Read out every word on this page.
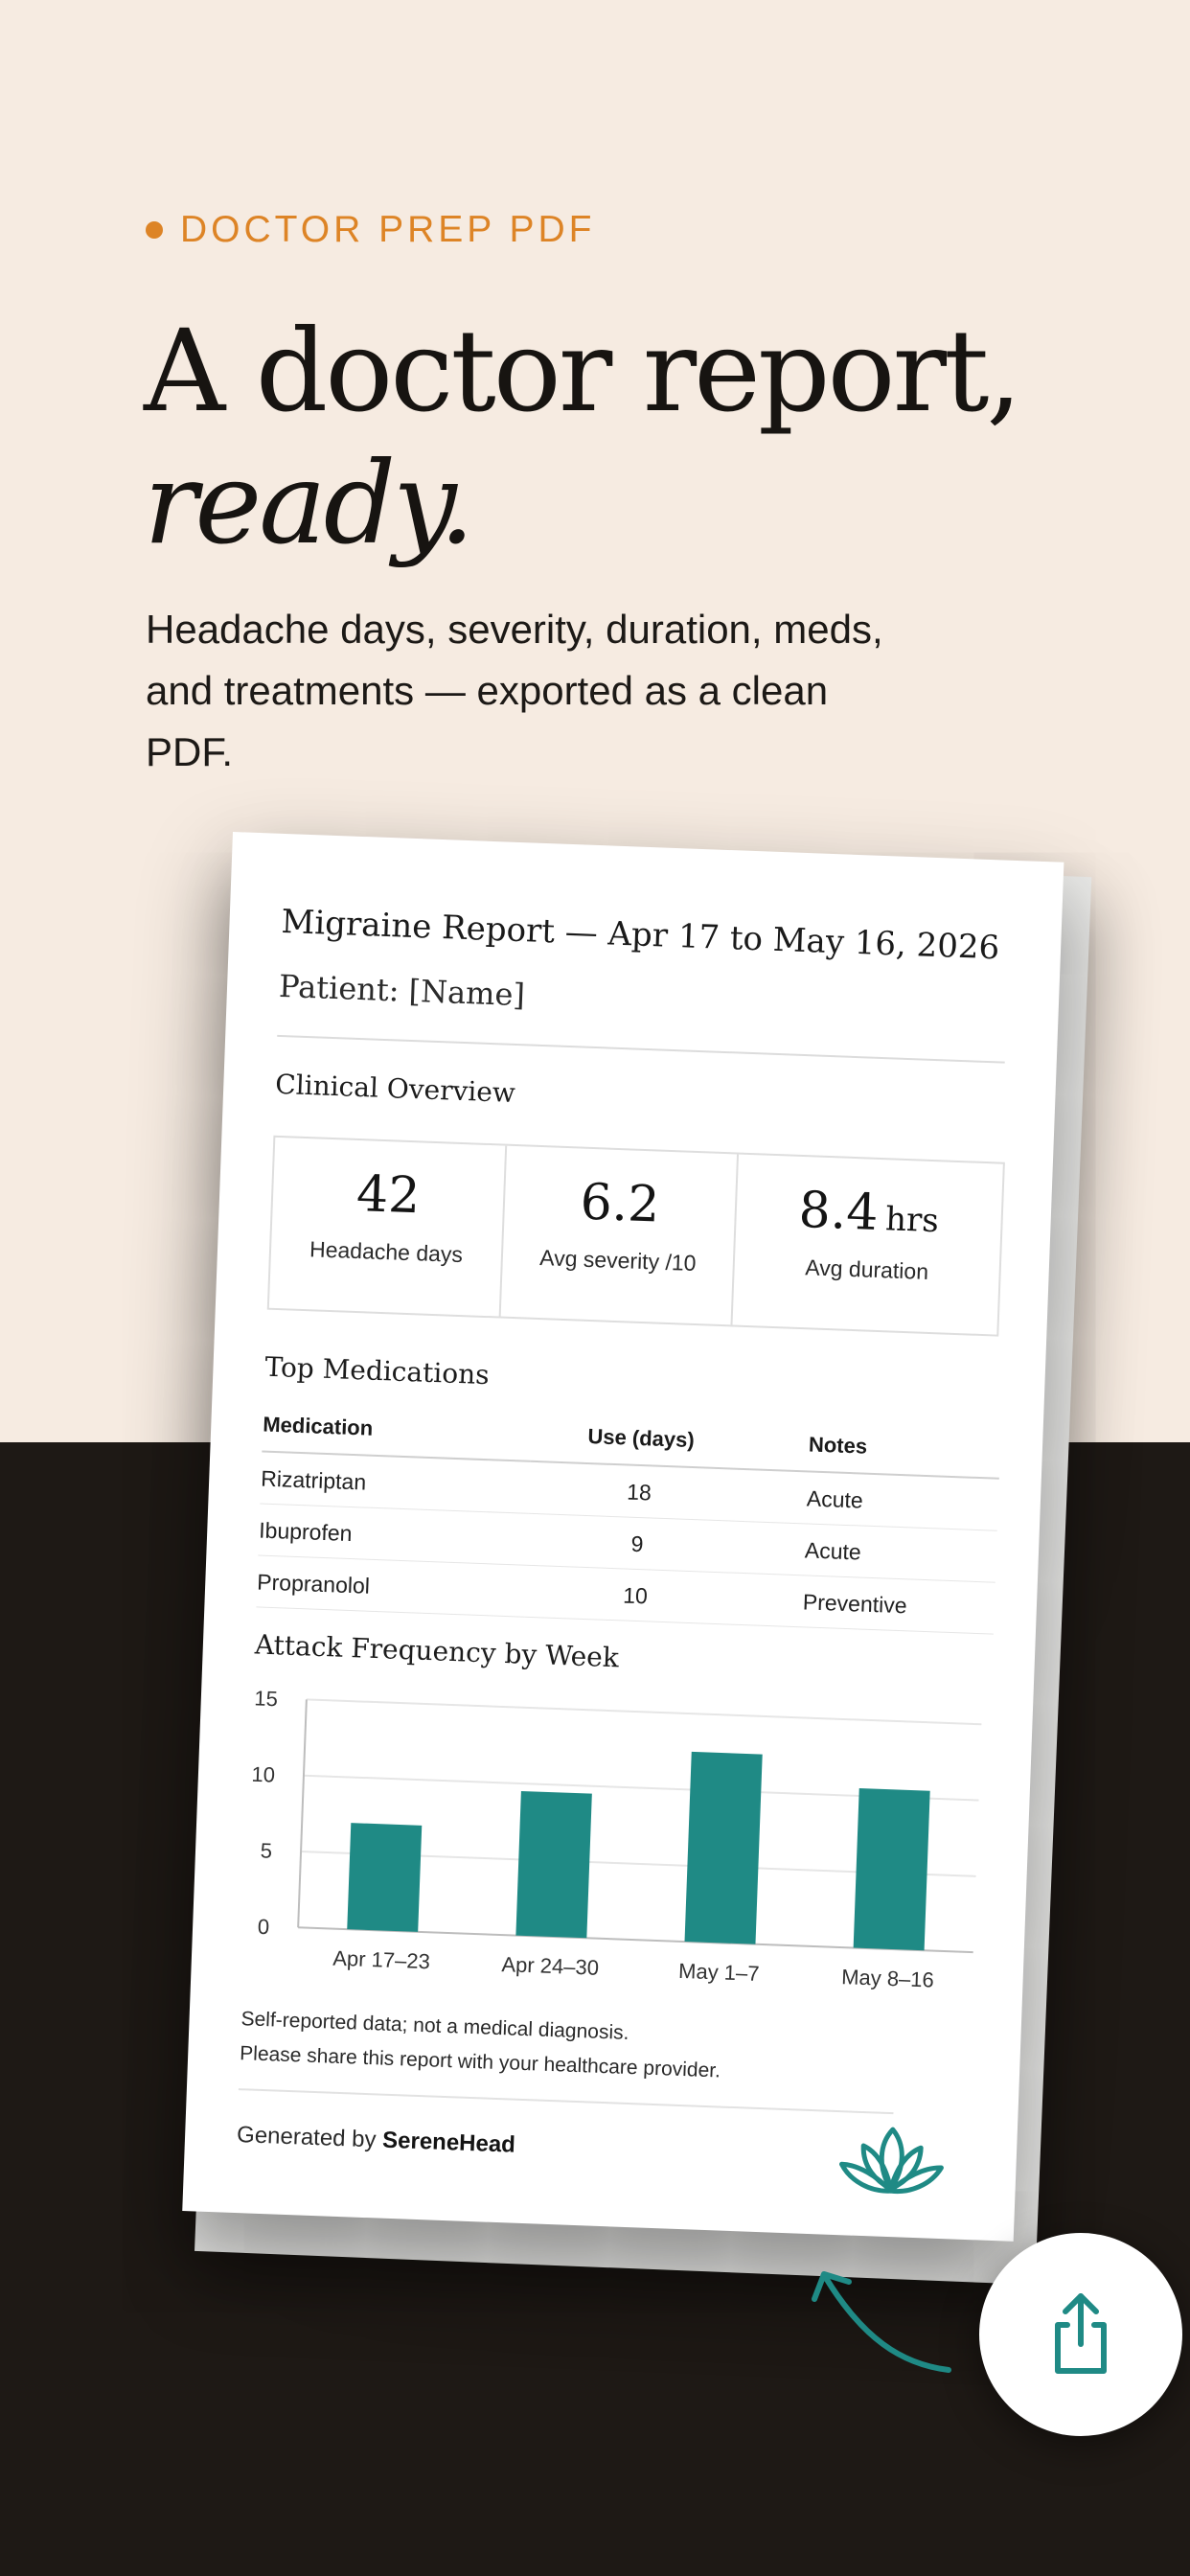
DOCTOR PREP PDF
A doctor report,
ready.
Headache days, severity, duration, meds, and treatments — exported as a clean PDF.
Migraine Report — Apr 17 to May 16, 2026
Patient: [Name]
Clinical Overview
42
Headache days
6.2
Avg severity /10
8.4 hrs
Avg duration
Top Medications
Medication	Use (days)	Notes
Rizatriptan	18	Acute
Ibuprofen	9	Acute
Propranolol	10	Preventive
Attack Frequency by Week
0
5
10
15
Apr 17–23	Apr 24–30	May 1–7	May 8–16
Self-reported data; not a medical diagnosis.
Please share this report with your healthcare provider.
Generated by SereneHead
